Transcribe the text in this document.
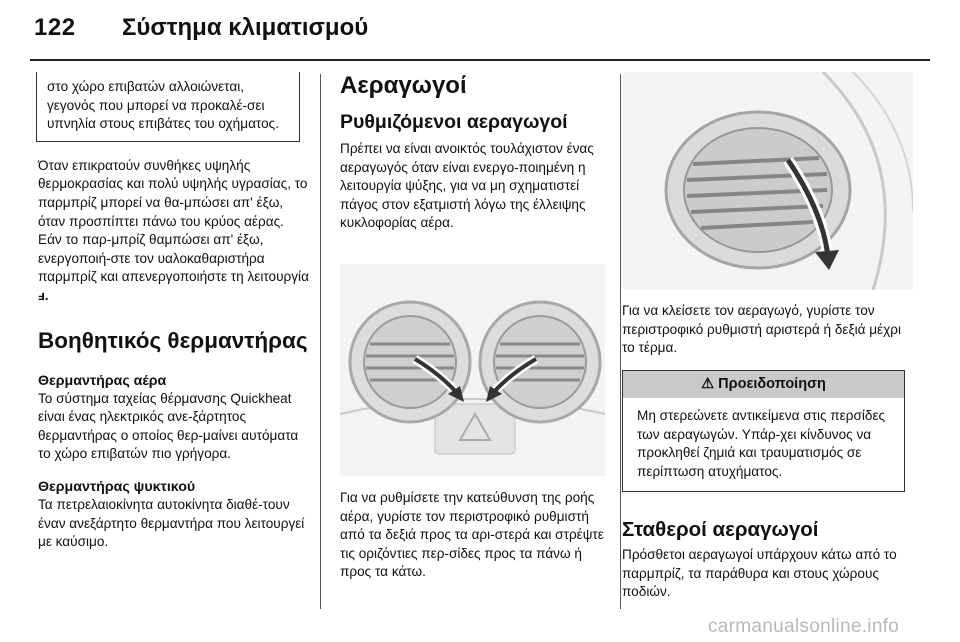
122 Σύστημα κλιματισμού
στο χώρο επιβατών αλλοιώνεται, γεγονός που μπορεί να προκαλέ-σει υπνηλία στους επιβάτες του οχήματος.
Όταν επικρατούν συνθήκες υψηλής θερμοκρασίας και πολύ υψηλής υγρασίας, το παρμπρίζ μπορεί να θα-μπώσει απ' έξω, όταν προσπίπτει πάνω του κρύος αέρας. Εάν το παρ-μπρίζ θαμπώσει απ' έξω, ενεργοποιή-στε τον υαλοκαθαριστήρα παρμπρίζ και απενεργοποιήστε τη λειτουργία ⅎ.
Βοηθητικός θερμαντήρας
Θερμαντήρας αέρα
Το σύστημα ταχείας θέρμανσης Quickheat είναι ένας ηλεκτρικός ανε-ξάρτητος θερμαντήρας ο οποίος θερ-μαίνει αυτόματα το χώρο επιβατών πιο γρήγορα.
Θερμαντήρας ψυκτικού
Τα πετρελαιοκίνητα αυτοκίνητα διαθέ-τουν έναν ανεξάρτητο θερμαντήρα που λειτουργεί με καύσιμο.
Αεραγωγοί
Ρυθμιζόμενοι αεραγωγοί
Πρέπει να είναι ανοικτός τουλάχιστον ένας αεραγωγός όταν είναι ενεργο-ποιημένη η λειτουργία ψύξης, για να μη σχηματιστεί πάγος στον εξατμιστή λόγω της έλλειψης κυκλοφορίας αέρα.
Για να ρυθμίσετε την κατεύθυνση της ροής αέρα, γυρίστε τον περιστροφικό ρυθμιστή από τα δεξιά προς τα αρι-στερά και στρέψτε τις οριζόντιες περ-σίδες προς τα πάνω ή προς τα κάτω.
Για να κλείσετε τον αεραγωγό, γυρίστε τον περιστροφικό ρυθμιστή αριστερά ή δεξιά μέχρι το τέρμα.
⚠ Προειδοποίηση
Μη στερεώνετε αντικείμενα στις περσίδες των αεραγωγών. Υπάρ-χει κίνδυνος να προκληθεί ζημιά και τραυματισμός σε περίπτωση ατυχήματος.
Σταθεροί αεραγωγοί
Πρόσθετοι αεραγωγοί υπάρχουν κάτω από το παρμπρίζ, τα παράθυρα και στους χώρους ποδιών.
carmanualsonline.info
